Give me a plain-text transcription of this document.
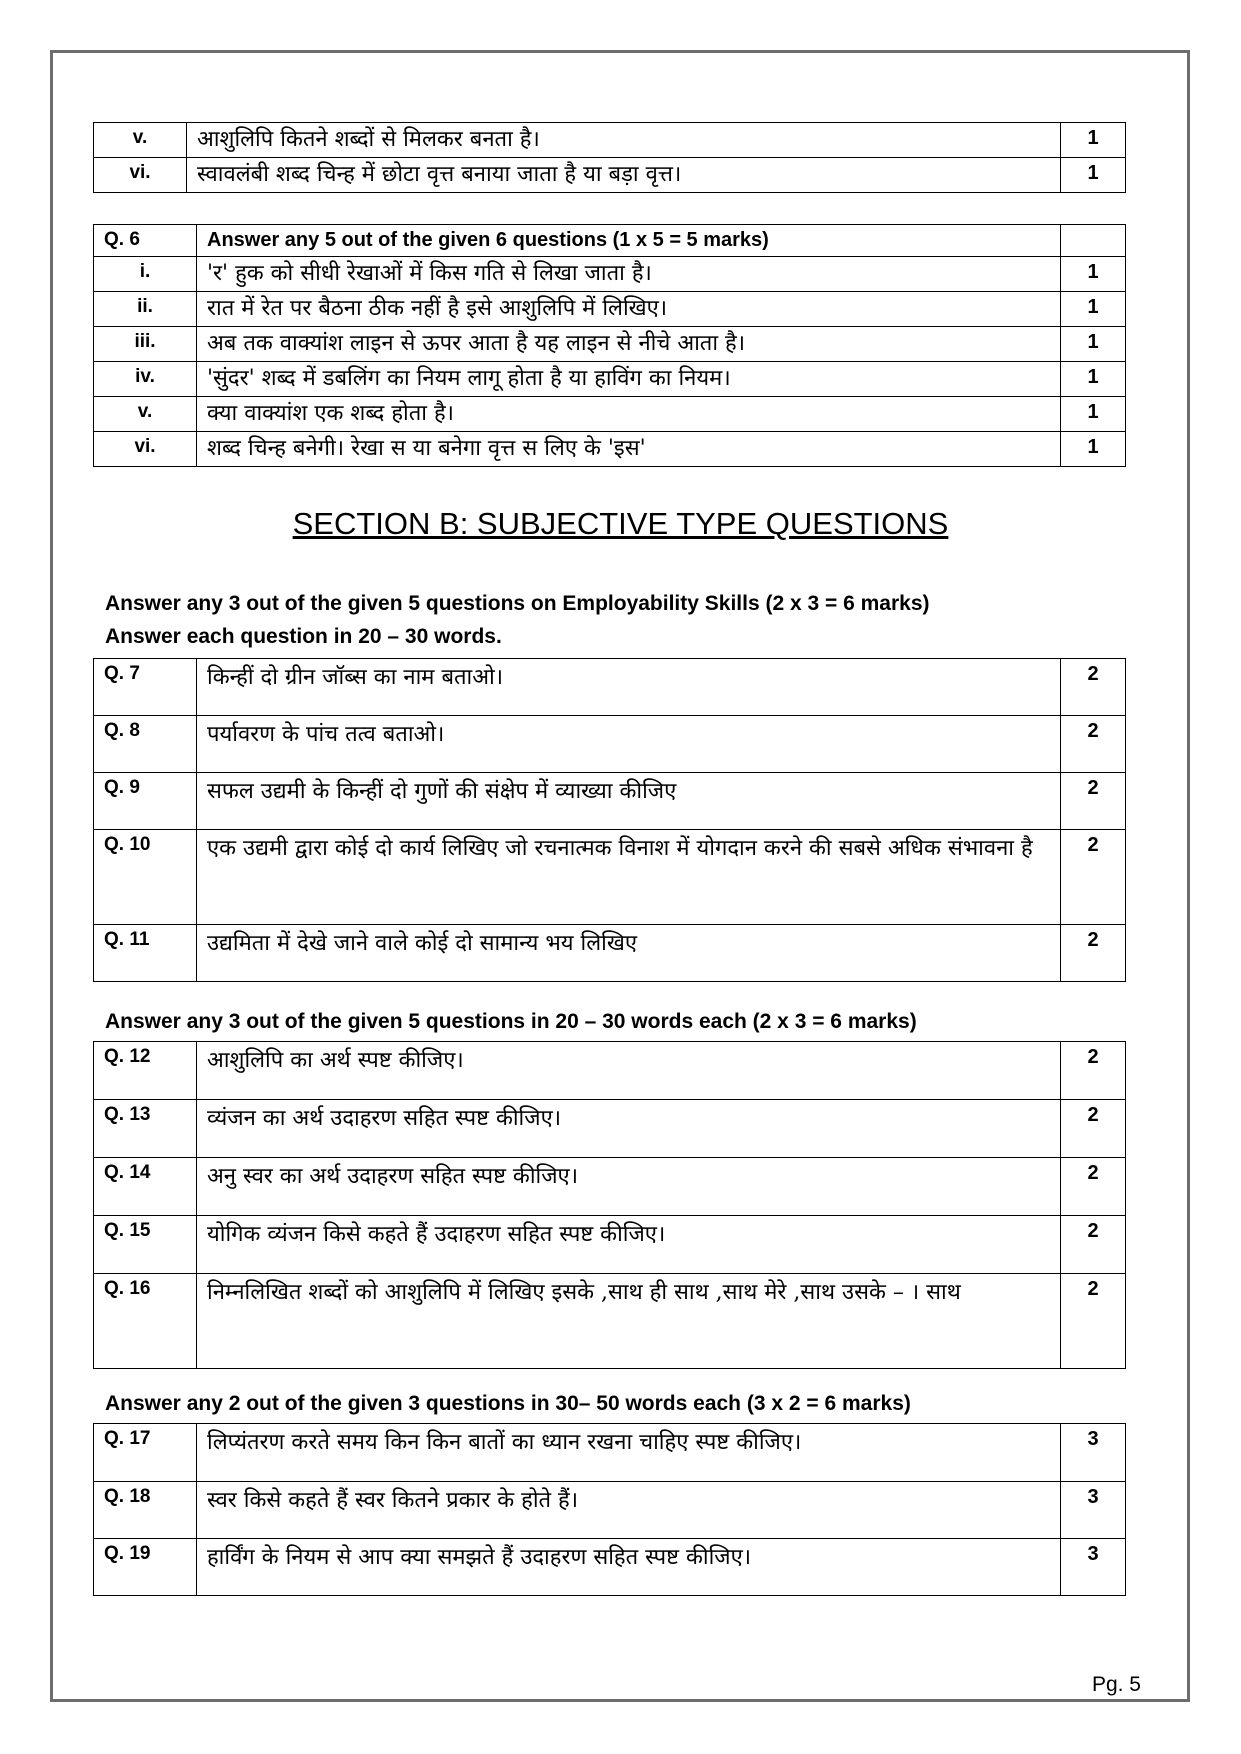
v.	आशुलिपि कितने शब्दों से मिलकर बनता है।	1
vi.	स्वावलंबी शब्द चिन्ह में छोटा वृत्त बनाया जाता है या बड़ा वृत्त।	1
Q. 6	Answer any 5 out of the given 6 questions (1 x 5 = 5 marks)	
i.	'र' हुक को सीधी रेखाओं में किस गति से लिखा जाता है।	1
ii.	रात में रेत पर बैठना ठीक नहीं है इसे आशुलिपि में लिखिए।	1
iii.	अब तक वाक्यांश लाइन से ऊपर आता है यह लाइन से नीचे आता है।	1
iv.	'सुंदर' शब्द में डबलिंग का नियम लागू होता है या हाविंग का नियम।	1
v.	क्या वाक्यांश एक शब्द होता है।	1
vi.	शब्द चिन्ह बनेगी। रेखा स या बनेगा वृत्त स लिए के 'इस'	1
SECTION B: SUBJECTIVE TYPE QUESTIONS
Answer any 3 out of the given 5 questions on Employability Skills (2 x 3 = 6 marks)
Answer each question in 20 – 30 words.
Q. 7	किन्हीं दो ग्रीन जॉब्स का नाम बताओ।	2
Q. 8	पर्यावरण के पांच तत्व बताओ।	2
Q. 9	सफल उद्यमी के किन्हीं दो गुणों की संक्षेप में व्याख्या कीजिए	2
Q. 10	एक उद्यमी द्वारा कोई दो कार्य लिखिए जो रचनात्मक विनाश में योगदान करने की सबसे अधिक संभावना है	2
Q. 11	उद्यमिता में देखे जाने वाले कोई दो सामान्य भय लिखिए	2
Answer any 3 out of the given 5 questions in 20 – 30 words each (2 x 3 = 6 marks)
Q. 12	आशुलिपि का अर्थ स्पष्ट कीजिए।	2
Q. 13	व्यंजन का अर्थ उदाहरण सहित स्पष्ट कीजिए।	2
Q. 14	अनु स्वर का अर्थ उदाहरण सहित स्पष्ट कीजिए।	2
Q. 15	योगिक व्यंजन किसे कहते हैं उदाहरण सहित स्पष्ट कीजिए।	2
Q. 16	निम्नलिखित शब्दों को आशुलिपि में लिखिए इसके ,साथ ही साथ ,साथ मेरे ,साथ उसके – । साथ	2
Answer any 2 out of the given 3 questions in 30– 50 words each (3 x 2 = 6 marks)
Q. 17	लिप्यंतरण करते समय किन किन बातों का ध्यान रखना चाहिए स्पष्ट कीजिए।	3
Q. 18	स्वर किसे कहते हैं स्वर कितने प्रकार के होते हैं।	3
Q. 19	हार्विंग के नियम से आप क्या समझते हैं उदाहरण सहित स्पष्ट कीजिए।	3
Pg. 5
